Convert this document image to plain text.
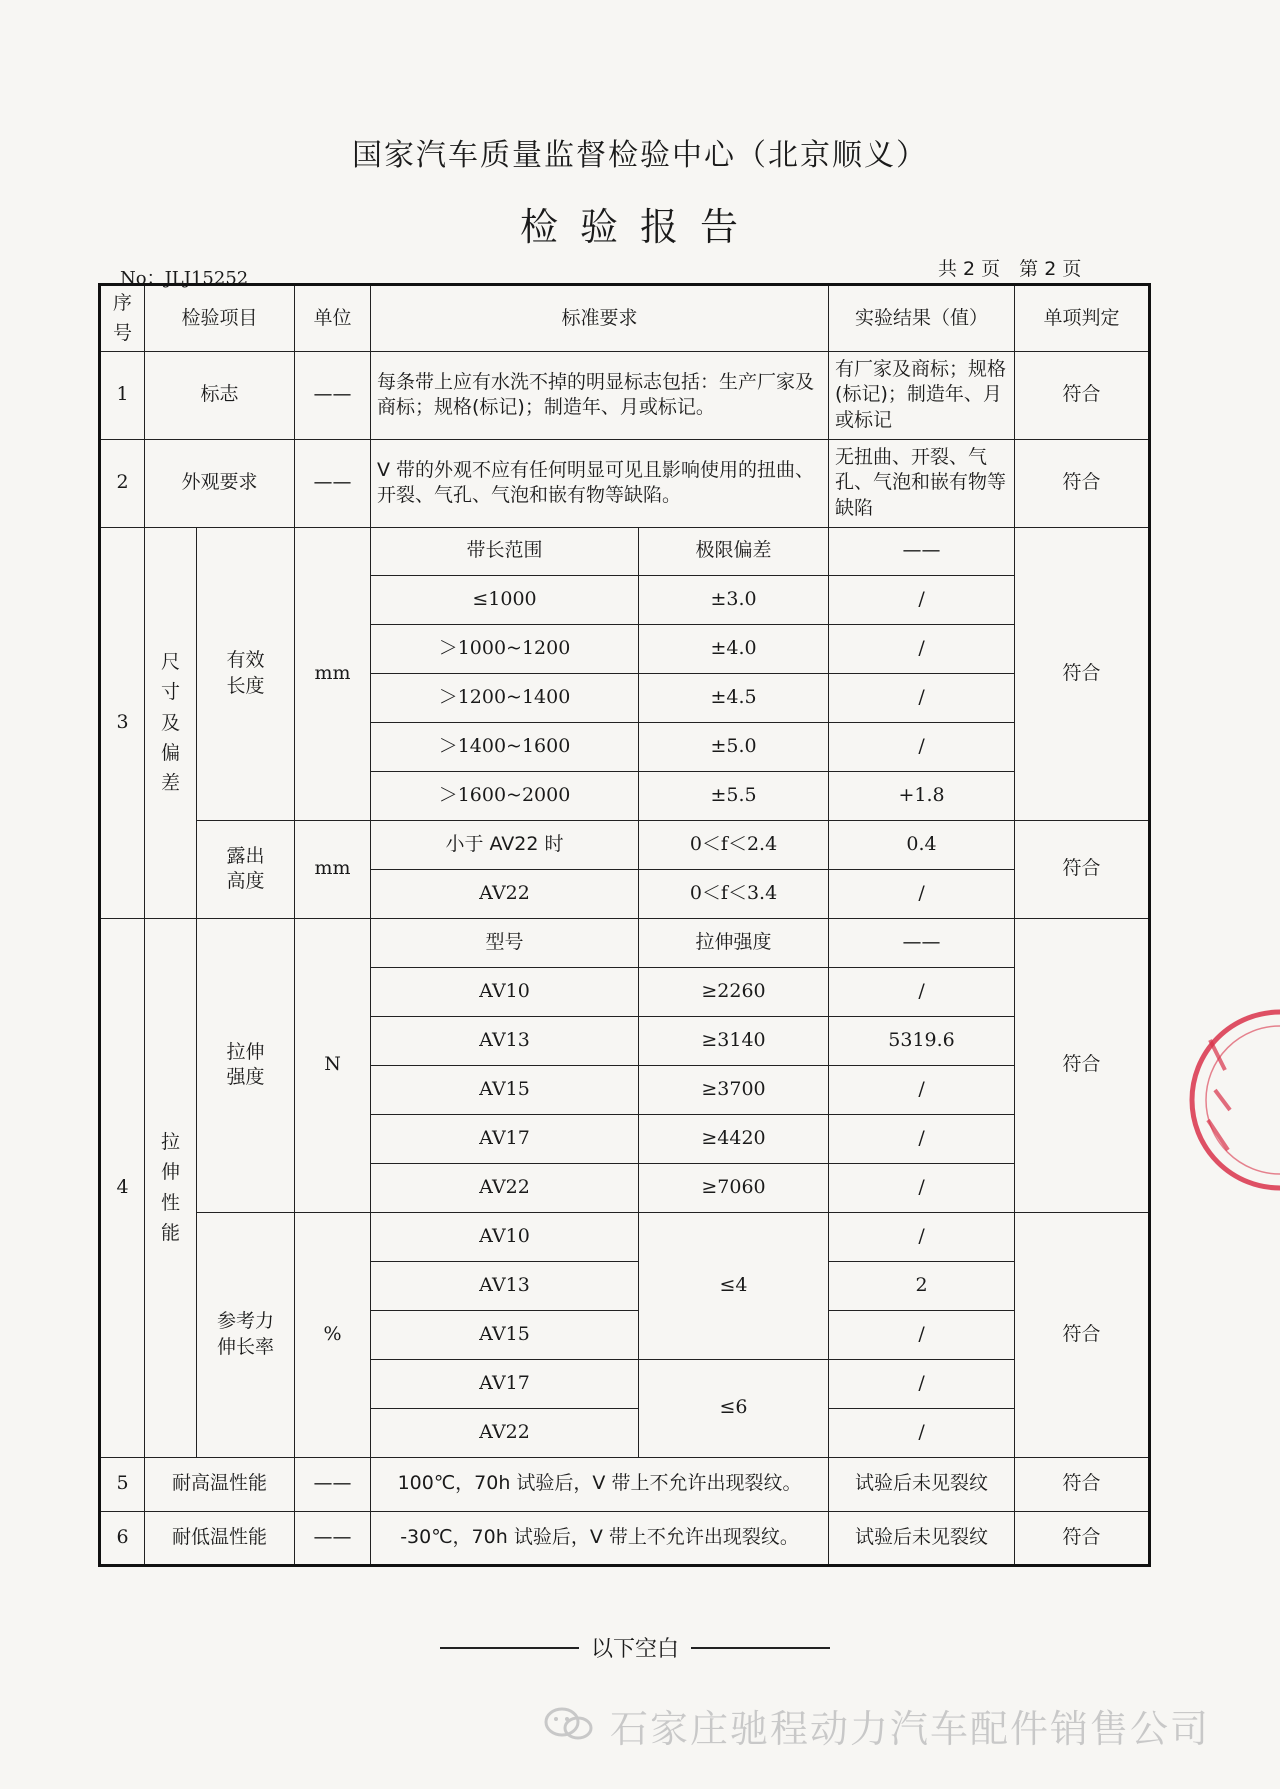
国家汽车质量监督检验中心（北京顺义）
检验报告
No：JLJ15252	共 2 页　第 2 页
序号	检验项目		单位	标准要求		实验结果（值）	单项判定
1	标志		——	每条带上应有水洗不掉的明显标志包括：生产厂家及商标；规格(标记)；制造年、月或标记。		有厂家及商标；规格(标记)；制造年、月或标记	符合
2	外观要求		——	V 带的外观不应有任何明显可见且影响使用的扭曲、开裂、气孔、气泡和嵌有物等缺陷。		无扭曲、开裂、气孔、气泡和嵌有物等缺陷	符合
3	尺寸及偏差	有效长度	mm	带长范围	极限偏差	——	符合
				≤1000	±3.0	/	
				＞1000~1200	±4.0	/	
				＞1200~1400	±4.5	/	
				＞1400~1600	±5.0	/	
				＞1600~2000	±5.5	+1.8	
		露出高度	mm	小于 AV22 时	0＜f＜2.4	0.4	符合
				AV22	0＜f＜3.4	/	
4	拉伸性能	拉伸强度	N	型号	拉伸强度	——	符合
				AV10	≥2260	/	
				AV13	≥3140	5319.6	
				AV15	≥3700	/	
				AV17	≥4420	/	
				AV22	≥7060	/	
		参考力伸长率	%	AV10	≤4	/	符合
				AV13		2	
				AV15		/	
				AV17	≤6	/	
				AV22		/	
5	耐高温性能		——	100℃，70h 试验后，V 带上不允许出现裂纹。		试验后未见裂纹	符合
6	耐低温性能		——	-30℃，70h 试验后，V 带上不允许出现裂纹。		试验后未见裂纹	符合
以下空白
石家庄驰程动力汽车配件销售公司
